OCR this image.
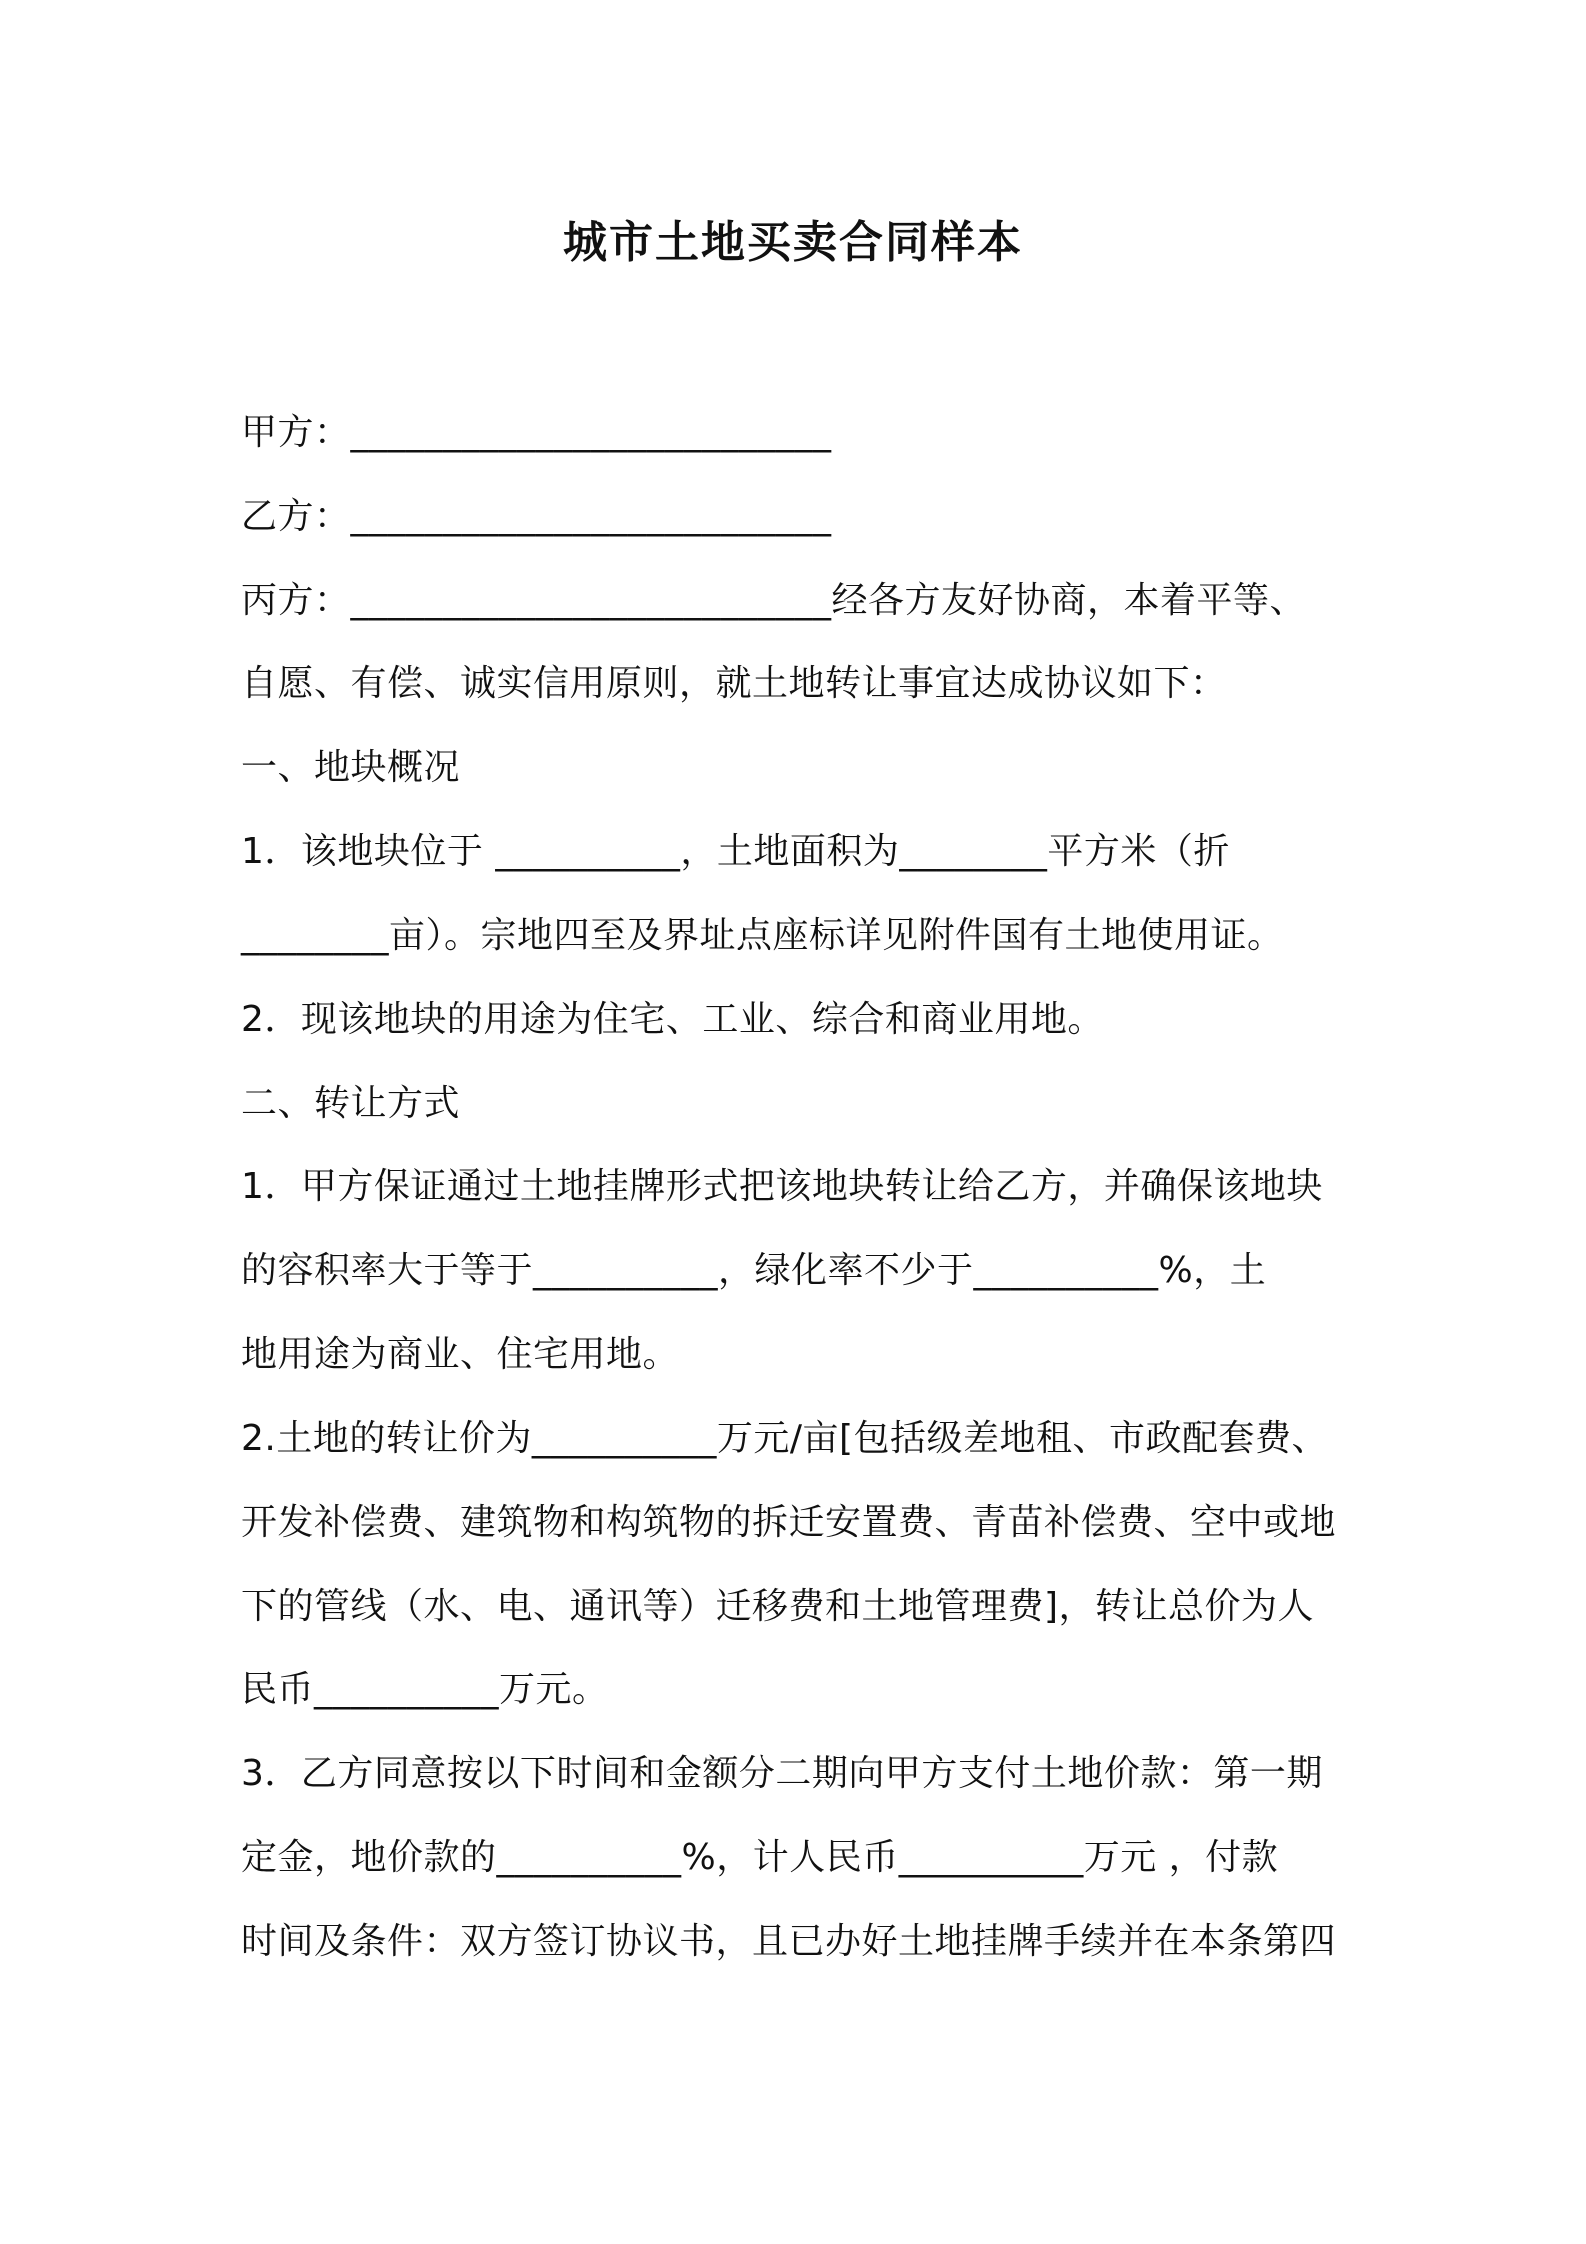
城市土地买卖合同样本
甲方：__________________________
乙方：__________________________
丙方：__________________________经各方友好协商，本着平等、
自愿、有偿、诚实信用原则，就土地转让事宜达成协议如下：
一、地块概况
1．该地块位于 __________，土地面积为________平方米（折
________亩）。宗地四至及界址点座标详见附件国有土地使用证。
2．现该地块的用途为住宅、工业、综合和商业用地。
二、转让方式
1．甲方保证通过土地挂牌形式把该地块转让给乙方，并确保该地块
的容积率大于等于__________，绿化率不少于__________%，土
地用途为商业、住宅用地。
2.土地的转让价为__________万元/亩[包括级差地租、市政配套费、
开发补偿费、建筑物和构筑物的拆迁安置费、青苗补偿费、空中或地
下的管线（水、电、通讯等）迁移费和土地管理费]，转让总价为人
民币__________万元。
3．乙方同意按以下时间和金额分二期向甲方支付土地价款：第一期
定金，地价款的__________%，计人民币__________万元 ，付款
时间及条件：双方签订协议书，且已办好土地挂牌手续并在本条第四
